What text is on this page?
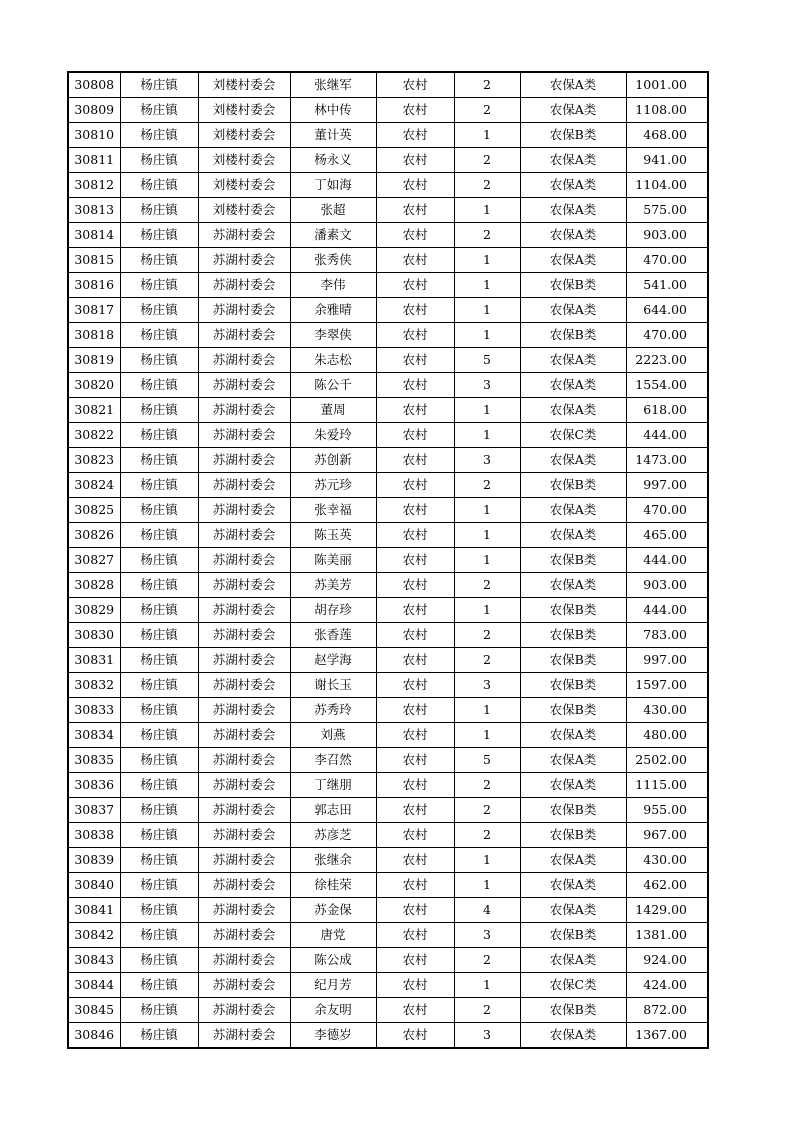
30808	杨庄镇	刘楼村委会	张继军	农村	2	农保A类	1001.00
30809	杨庄镇	刘楼村委会	林中传	农村	2	农保A类	1108.00
30810	杨庄镇	刘楼村委会	董计英	农村	1	农保B类	468.00
30811	杨庄镇	刘楼村委会	杨永义	农村	2	农保A类	941.00
30812	杨庄镇	刘楼村委会	丁如海	农村	2	农保A类	1104.00
30813	杨庄镇	刘楼村委会	张超	农村	1	农保A类	575.00
30814	杨庄镇	苏湖村委会	潘素文	农村	2	农保A类	903.00
30815	杨庄镇	苏湖村委会	张秀侠	农村	1	农保A类	470.00
30816	杨庄镇	苏湖村委会	李伟	农村	1	农保B类	541.00
30817	杨庄镇	苏湖村委会	余雅晴	农村	1	农保A类	644.00
30818	杨庄镇	苏湖村委会	李翠侠	农村	1	农保B类	470.00
30819	杨庄镇	苏湖村委会	朱志松	农村	5	农保A类	2223.00
30820	杨庄镇	苏湖村委会	陈公千	农村	3	农保A类	1554.00
30821	杨庄镇	苏湖村委会	董周	农村	1	农保A类	618.00
30822	杨庄镇	苏湖村委会	朱爱玲	农村	1	农保C类	444.00
30823	杨庄镇	苏湖村委会	苏创新	农村	3	农保A类	1473.00
30824	杨庄镇	苏湖村委会	苏元珍	农村	2	农保B类	997.00
30825	杨庄镇	苏湖村委会	张幸福	农村	1	农保A类	470.00
30826	杨庄镇	苏湖村委会	陈玉英	农村	1	农保A类	465.00
30827	杨庄镇	苏湖村委会	陈美丽	农村	1	农保B类	444.00
30828	杨庄镇	苏湖村委会	苏美芳	农村	2	农保A类	903.00
30829	杨庄镇	苏湖村委会	胡存珍	农村	1	农保B类	444.00
30830	杨庄镇	苏湖村委会	张香莲	农村	2	农保B类	783.00
30831	杨庄镇	苏湖村委会	赵学海	农村	2	农保B类	997.00
30832	杨庄镇	苏湖村委会	谢长玉	农村	3	农保B类	1597.00
30833	杨庄镇	苏湖村委会	苏秀玲	农村	1	农保B类	430.00
30834	杨庄镇	苏湖村委会	刘燕	农村	1	农保A类	480.00
30835	杨庄镇	苏湖村委会	李召然	农村	5	农保A类	2502.00
30836	杨庄镇	苏湖村委会	丁继朋	农村	2	农保A类	1115.00
30837	杨庄镇	苏湖村委会	郭志田	农村	2	农保B类	955.00
30838	杨庄镇	苏湖村委会	苏彦芝	农村	2	农保B类	967.00
30839	杨庄镇	苏湖村委会	张继余	农村	1	农保A类	430.00
30840	杨庄镇	苏湖村委会	徐桂荣	农村	1	农保A类	462.00
30841	杨庄镇	苏湖村委会	苏金保	农村	4	农保A类	1429.00
30842	杨庄镇	苏湖村委会	唐党	农村	3	农保B类	1381.00
30843	杨庄镇	苏湖村委会	陈公成	农村	2	农保A类	924.00
30844	杨庄镇	苏湖村委会	纪月芳	农村	1	农保C类	424.00
30845	杨庄镇	苏湖村委会	余友明	农村	2	农保B类	872.00
30846	杨庄镇	苏湖村委会	李德岁	农村	3	农保A类	1367.00
